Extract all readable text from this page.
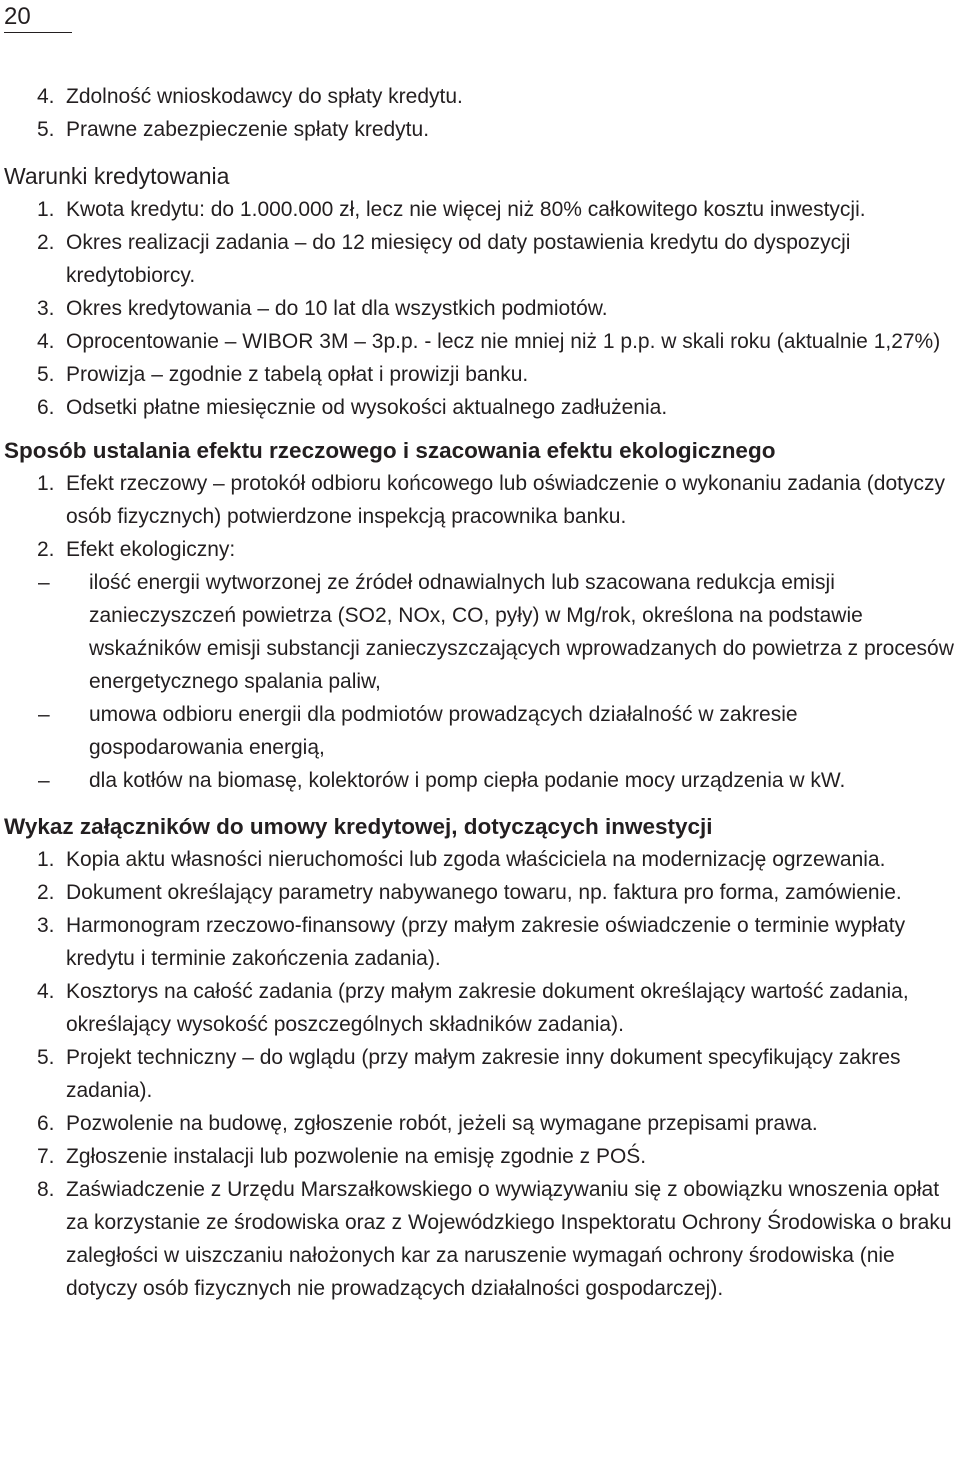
20
4. Zdolność wnioskodawcy do spłaty kredytu.
5. Prawne zabezpieczenie spłaty kredytu.
Warunki kredytowania
1. Kwota kredytu: do 1.000.000 zł, lecz nie więcej niż 80% całkowitego kosztu inwestycji.
2. Okres realizacji zadania – do 12 miesięcy od daty postawienia kredytu do dyspozycji kredytobiorcy.
3. Okres kredytowania – do 10 lat dla wszystkich podmiotów.
4. Oprocentowanie – WIBOR 3M – 3p.p. - lecz nie mniej niż 1 p.p. w skali roku (aktualnie 1,27%)
5. Prowizja – zgodnie z tabelą opłat i prowizji banku.
6. Odsetki płatne miesięcznie od wysokości aktualnego zadłużenia.
Sposób ustalania efektu rzeczowego i szacowania efektu ekologicznego
1. Efekt rzeczowy – protokół odbioru końcowego lub oświadczenie o wykonaniu zadania (dotyczy osób fizycznych) potwierdzone inspekcją pracownika banku.
2. Efekt ekologiczny:
– ilość energii wytworzonej ze źródeł odnawialnych lub szacowana redukcja emisji zanieczyszczeń powietrza (SO2, NOx, CO, pyły) w Mg/rok, określona na podstawie wskaźników emisji substancji zanieczyszczających wprowadzanych do powietrza z procesów energetycznego spalania paliw,
– umowa odbioru energii dla podmiotów prowadzących działalność w zakresie gospodarowania energią,
– dla kotłów na biomasę, kolektorów i pomp ciepła podanie mocy urządzenia w kW.
Wykaz załączników do umowy kredytowej, dotyczących inwestycji
1. Kopia aktu własności nieruchomości lub zgoda właściciela na modernizację ogrzewania.
2. Dokument określający parametry nabywanego towaru, np. faktura pro forma, zamówienie.
3. Harmonogram rzeczowo-finansowy (przy małym zakresie oświadczenie o terminie wypłaty kredytu i terminie zakończenia zadania).
4. Kosztorys na całość zadania (przy małym zakresie dokument określający wartość zadania, określający wysokość poszczególnych składników zadania).
5. Projekt techniczny – do wglądu (przy małym zakresie inny dokument specyfikujący zakres zadania).
6. Pozwolenie na budowę, zgłoszenie robót, jeżeli są wymagane przepisami prawa.
7. Zgłoszenie instalacji lub pozwolenie na emisję zgodnie z POŚ.
8. Zaświadczenie z Urzędu Marszałkowskiego o wywiązywaniu się z obowiązku wnoszenia opłat za korzystanie ze środowiska oraz z Wojewódzkiego Inspektoratu Ochrony Środowiska o braku zaległości w uiszczaniu nałożonych kar za naruszenie wymagań ochrony środowiska (nie dotyczy osób fizycznych nie prowadzących działalności gospodarczej).
